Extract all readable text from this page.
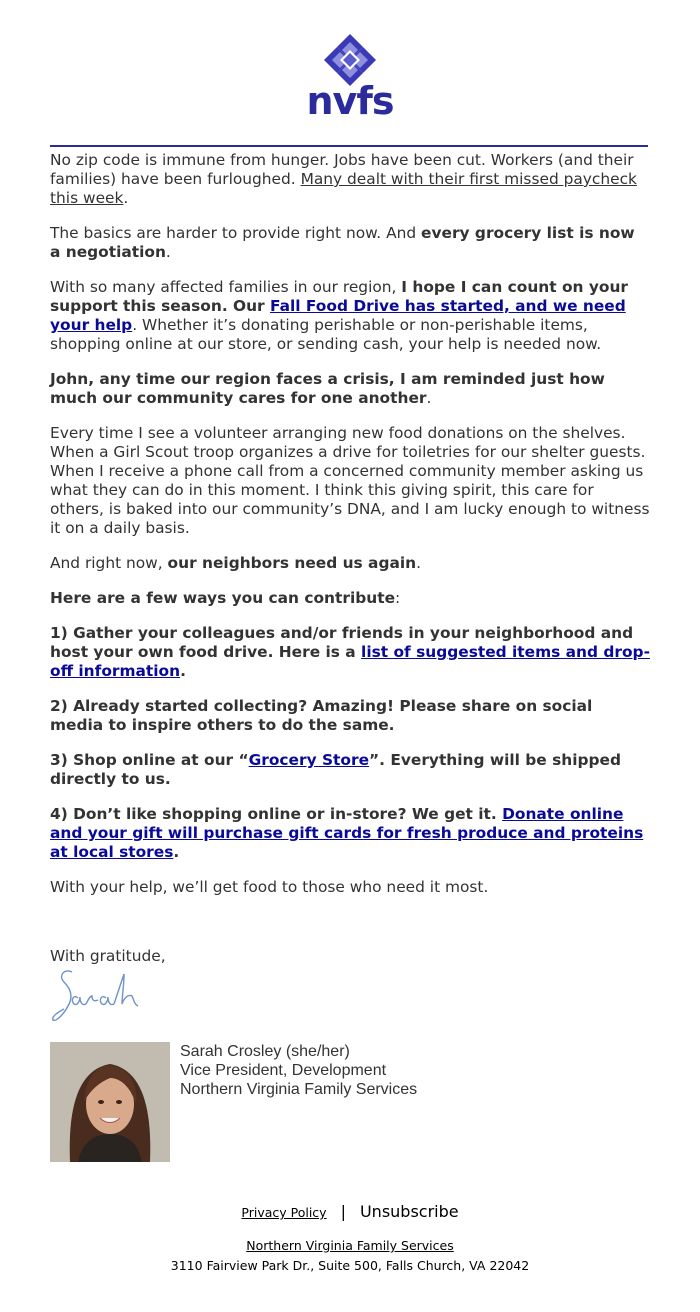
nvfs

No zip code is immune from hunger. Jobs have been cut. Workers (and their families) have been furloughed. Many dealt with their first missed paycheck this week.

The basics are harder to provide right now. And every grocery list is now a negotiation.

With so many affected families in our region, I hope I can count on your support this season. Our Fall Food Drive has started, and we need your help. Whether it’s donating perishable or non-perishable items, shopping online at our store, or sending cash, your help is needed now.

John, any time our region faces a crisis, I am reminded just how much our community cares for one another.

Every time I see a volunteer arranging new food donations on the shelves. When a Girl Scout troop organizes a drive for toiletries for our shelter guests. When I receive a phone call from a concerned community member asking us what they can do in this moment. I think this giving spirit, this care for others, is baked into our community’s DNA, and I am lucky enough to witness it on a daily basis.

And right now, our neighbors need us again.

Here are a few ways you can contribute:

1) Gather your colleagues and/or friends in your neighborhood and host your own food drive. Here is a list of suggested items and drop-off information.

2) Already started collecting? Amazing! Please share on social media to inspire others to do the same.

3) Shop online at our “Grocery Store”. Everything will be shipped directly to us.

4) Don’t like shopping online or in-store? We get it. Donate online and your gift will purchase gift cards for fresh produce and proteins at local stores.

With your help, we’ll get food to those who need it most.

With gratitude,

Sarah Crosley (she/her)
Vice President, Development
Northern Virginia Family Services
Privacy Policy | Unsubscribe
Northern Virginia Family Services
3110 Fairview Park Dr., Suite 500, Falls Church, VA 22042
